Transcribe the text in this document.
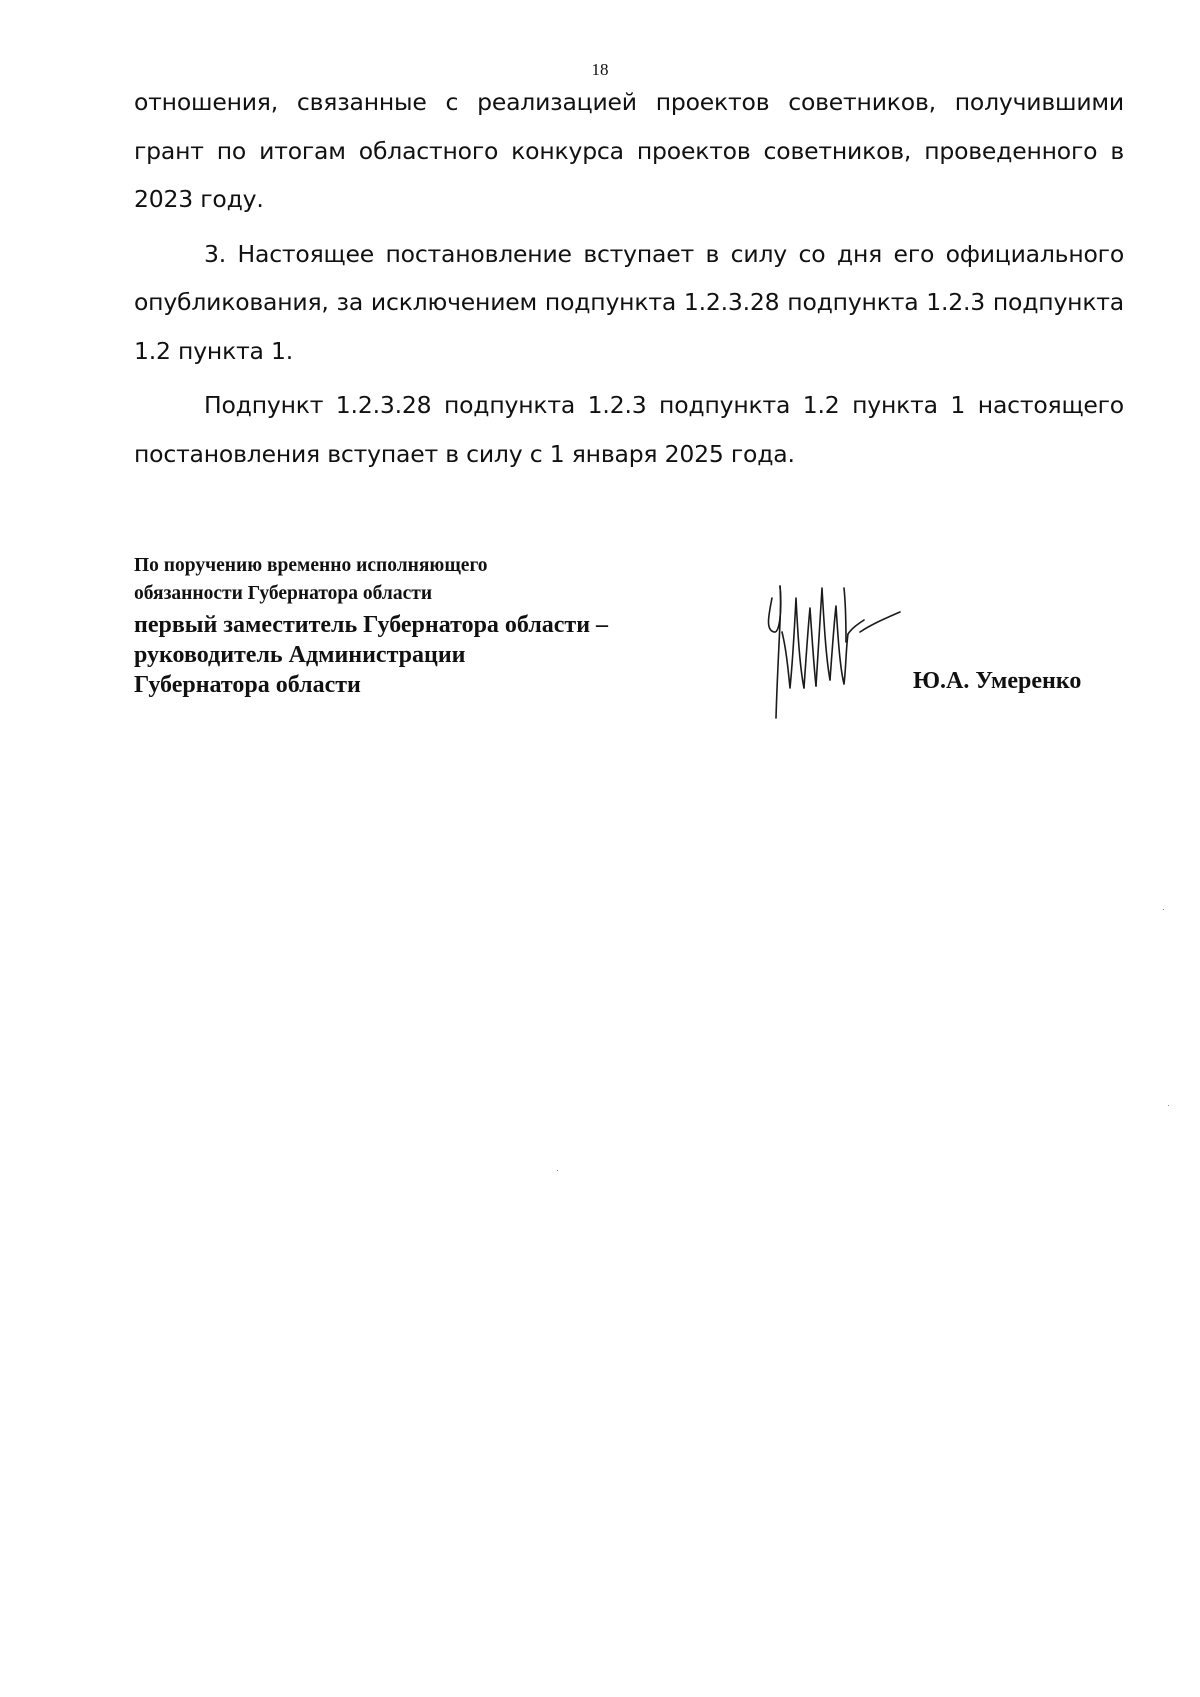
18

отношения, связанные с реализацией проектов советников, получившими грант по итогам областного конкурса проектов советников, проведенного в 2023 году.

3. Настоящее постановление вступает в силу со дня его официального опубликования, за исключением подпункта 1.2.3.28 подпункта 1.2.3 подпункта 1.2 пункта 1.

Подпункт 1.2.3.28 подпункта 1.2.3 подпункта 1.2 пункта 1 настоящего постановления вступает в силу с 1 января 2025 года.

По поручению временно исполняющего
обязанности Губернатора области
первый заместитель Губернатора области –
руководитель Администрации
Губернатора области	Ю.А. Умеренко
